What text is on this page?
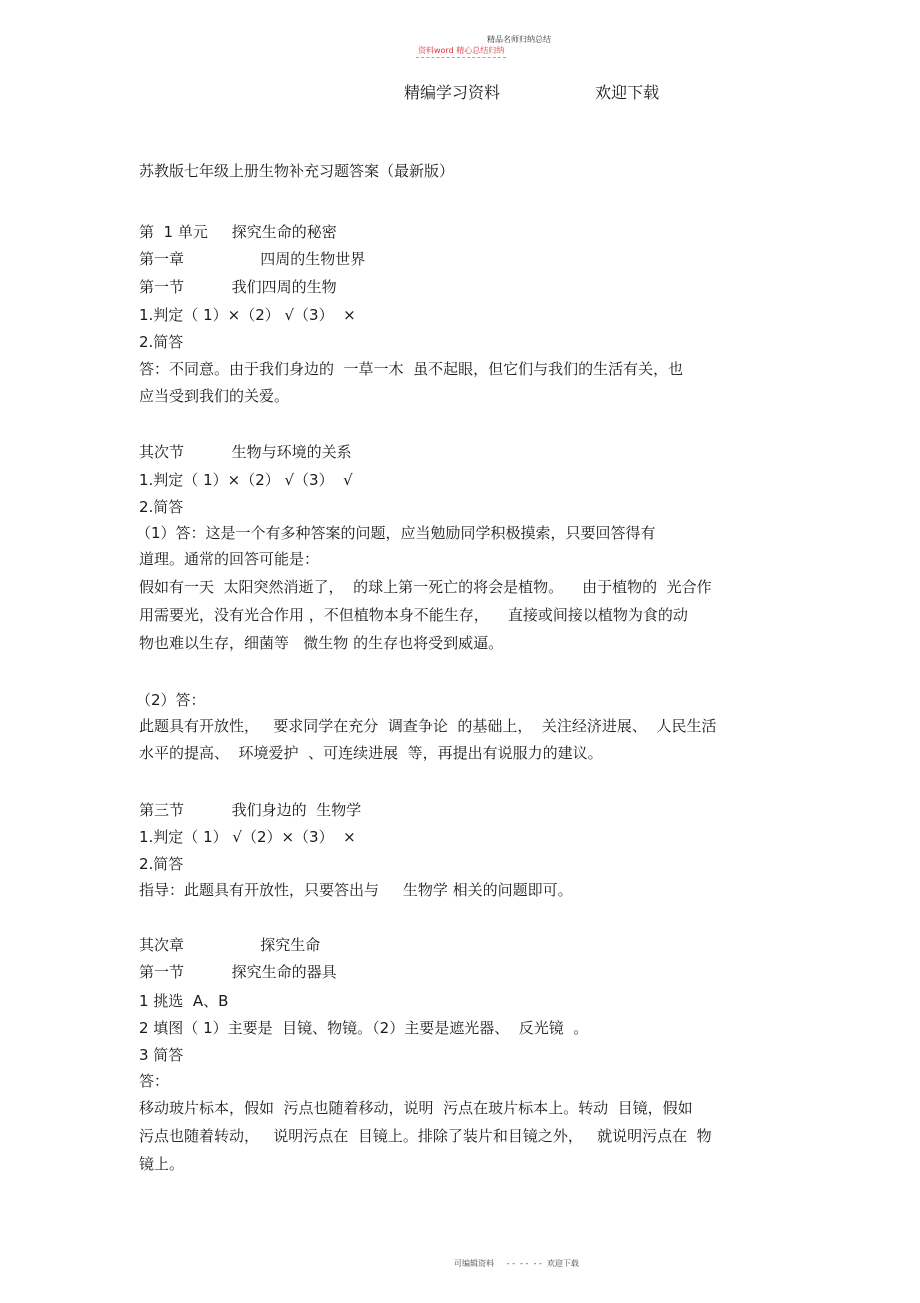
精品名师归纳总结
资料word 精心总结归纳
精编学习资料	欢迎下载
苏教版七年级上册生物补充习题答案（最新版）
第  1 单元     探究生命的秘密
第一章                四周的生物世界
第一节          我们四周的生物
1.判定（ 1）×（2） √（3）  ×
2.简答
答：不同意。由于我们身边的  一草一木  虽不起眼，但它们与我们的生活有关，也
应当受到我们的关爱。
其次节          生物与环境的关系
1.判定（ 1）×（2） √（3）  √
2.简答
（1）答：这是一个有多种答案的问题，应当勉励同学积极摸索，只要回答得有
道理。通常的回答可能是：
假如有一天  太阳突然消逝了，  的球上第一死亡的将会是植物。    由于植物的  光合作
用需要光，没有光合作用 ，不但植物本身不能生存，    直接或间接以植物为食的动
物也难以生存，细菌等   微生物 的生存也将受到威逼。
（2）答：
此题具有开放性，   要求同学在充分  调查争论  的基础上，  关注经济进展、  人民生活
水平的提高、  环境爱护  、可连续进展  等，再提出有说服力的建议。
第三节          我们身边的  生物学
1.判定（ 1） √（2）×（3）  ×
2.简答
指导：此题具有开放性，只要答出与     生物学 相关的问题即可。
其次章                探究生命
第一节          探究生命的器具
1 挑选  A、B
2 填图（ 1）主要是  目镜、物镜。（2）主要是遮光器、  反光镜  。
3 简答
答：
移动玻片标本，假如  污点也随着移动，说明  污点在玻片标本上。转动  目镜，假如
污点也随着转动，   说明污点在  目镜上。排除了装片和目镜之外，   就说明污点在  物
镜上。
可编辑资料     - -  - -  - -  欢迎下载
